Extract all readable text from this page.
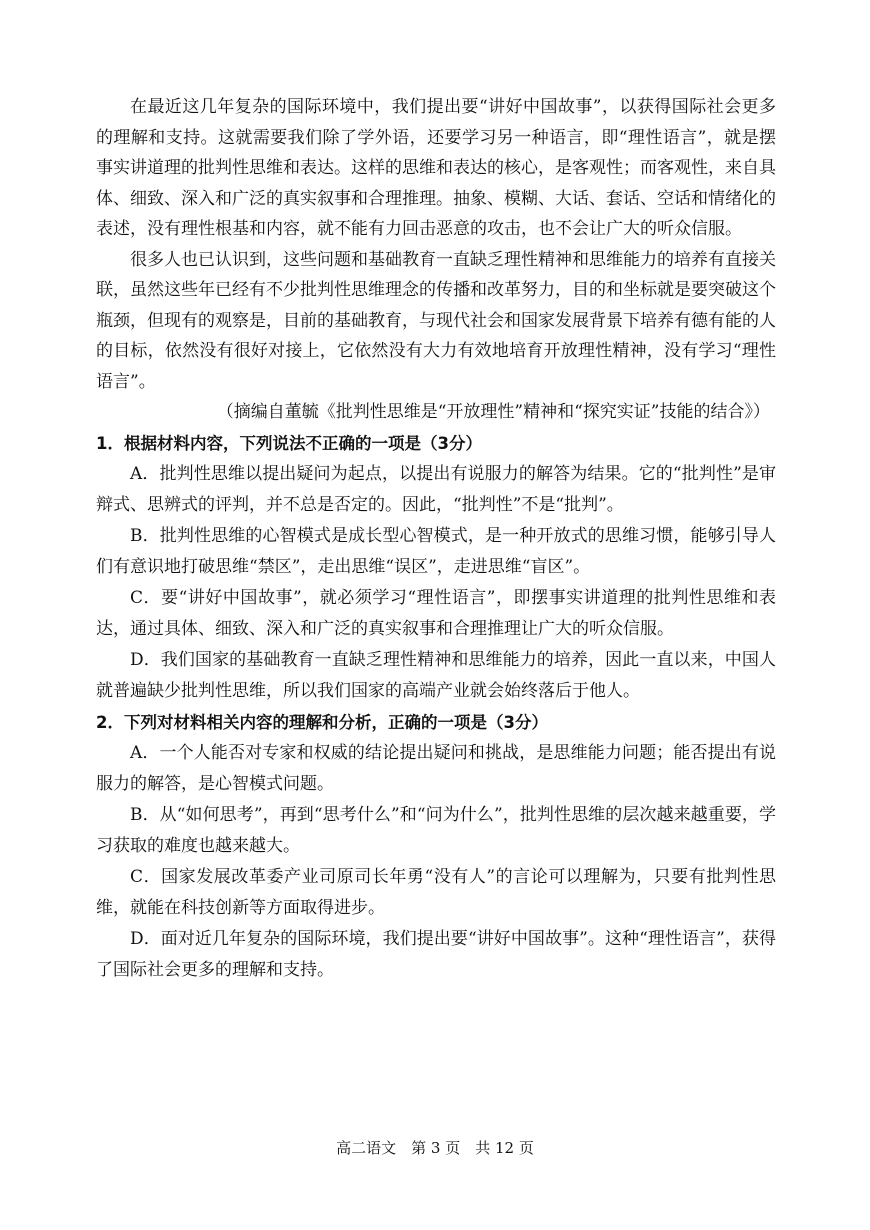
在最近这几年复杂的国际环境中，我们提出要“讲好中国故事”，以获得国际社会更多的理解和支持。这就需要我们除了学外语，还要学习另一种语言，即“理性语言”，就是摆事实讲道理的批判性思维和表达。这样的思维和表达的核心，是客观性；而客观性，来自具体、细致、深入和广泛的真实叙事和合理推理。抽象、模糊、大话、套话、空话和情绪化的表述，没有理性根基和内容，就不能有力回击恶意的攻击，也不会让广大的听众信服。

很多人也已认识到，这些问题和基础教育一直缺乏理性精神和思维能力的培养有直接关联，虽然这些年已经有不少批判性思维理念的传播和改革努力，目的和坐标就是要突破这个瓶颈，但现有的观察是，目前的基础教育，与现代社会和国家发展背景下培养有德有能的人的目标，依然没有很好对接上，它依然没有大力有效地培育开放理性精神，没有学习“理性语言”。

（摘编自董毓《批判性思维是“开放理性”精神和“探究实证”技能的结合》）

1．根据材料内容，下列说法不正确的一项是（3分）

A．批判性思维以提出疑问为起点，以提出有说服力的解答为结果。它的“批判性”是审辩式、思辨式的评判，并不总是否定的。因此，“批判性”不是“批判”。

B．批判性思维的心智模式是成长型心智模式，是一种开放式的思维习惯，能够引导人们有意识地打破思维“禁区”，走出思维“误区”，走进思维“盲区”。

C．要“讲好中国故事”，就必须学习“理性语言”，即摆事实讲道理的批判性思维和表达，通过具体、细致、深入和广泛的真实叙事和合理推理让广大的听众信服。

D．我们国家的基础教育一直缺乏理性精神和思维能力的培养，因此一直以来，中国人就普遍缺少批判性思维，所以我们国家的高端产业就会始终落后于他人。

2．下列对材料相关内容的理解和分析，正确的一项是（3分）

A．一个人能否对专家和权威的结论提出疑问和挑战，是思维能力问题；能否提出有说服力的解答，是心智模式问题。

B．从“如何思考”，再到“思考什么”和“问为什么”，批判性思维的层次越来越重要，学习获取的难度也越来越大。

C．国家发展改革委产业司原司长年勇“没有人”的言论可以理解为，只要有批判性思维，就能在科技创新等方面取得进步。

D．面对近几年复杂的国际环境，我们提出要“讲好中国故事”。这种“理性语言”，获得了国际社会更多的理解和支持。

高二语文　第 3 页　共 12 页
